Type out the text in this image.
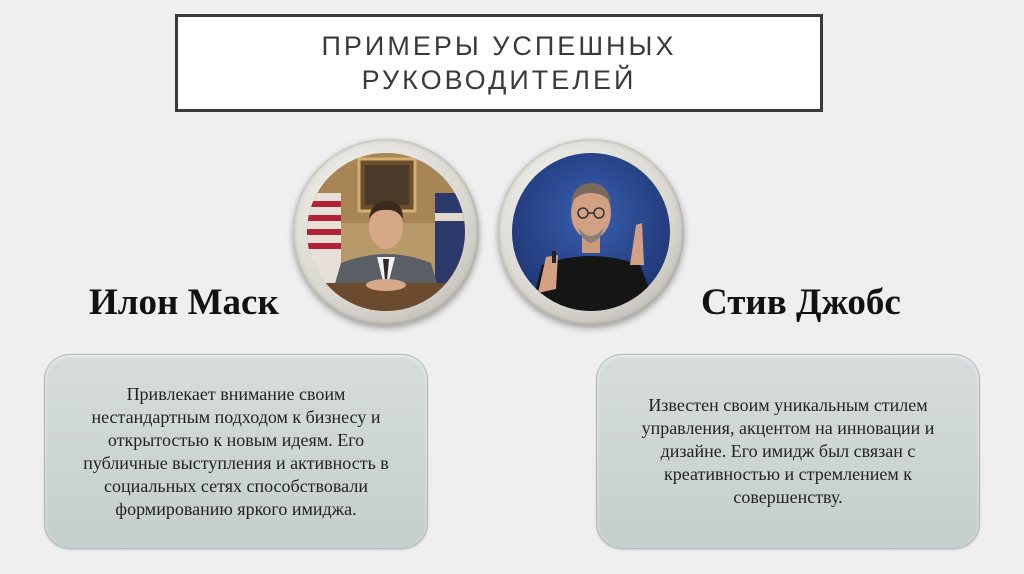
ПРИМЕРЫ УСПЕШНЫХ
РУКОВОДИТЕЛЕЙ
Илон Маск	Стив Джобс
Привлекает внимание своим нестандартным подходом к бизнесу и открытостью к новым идеям. Его публичные выступления и активность в социальных сетях способствовали формированию яркого имиджа.
Известен своим уникальным стилем управления, акцентом на инновации и дизайне. Его имидж был связан с креативностью и стремлением к совершенству.
